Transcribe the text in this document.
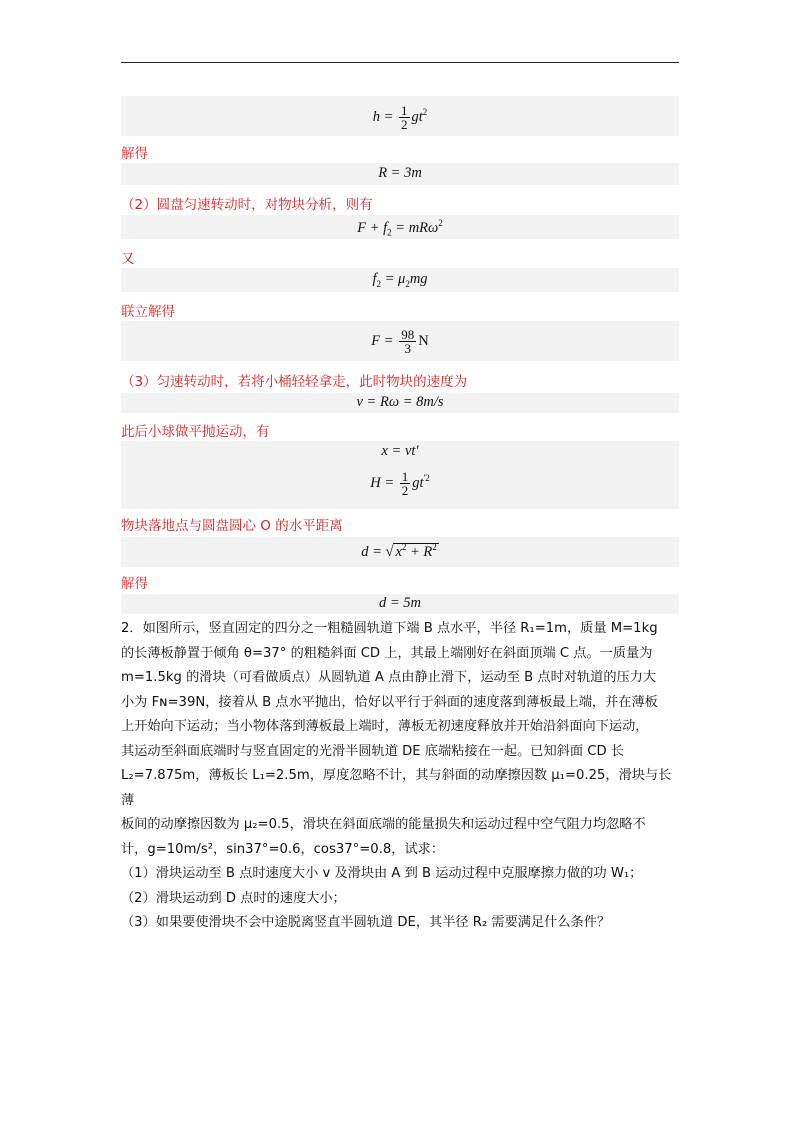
$h = \frac{1}{2} gt^2$
解得
R = 3m
（2）圆盘匀速转动时，对物块分析，则有
$F + f_2 = mR\omega^2$
又
$f_2 = \mu_2mg$
联立解得
$F = \frac{98}{3}$ N
（3）匀速转动时，若将小桶轻轻拿走，此时物块的速度为
v = Rω = 8m/s
此后小球做平抛运动，有
x = vt'
$H = \frac{1}{2} gt^{'2}$
物块落地点与圆盘圆心 O 的水平距离
d = √ $x^2 + R^2$
解得
d = 5m

2．如图所示，竖直固定的四分之一粗糙圆轨道下端 B 点水平，半径 R₁=1m，质量 M=1kg

的长薄板静置于倾角 θ=37° 的粗糙斜面 CD 上，其最上端刚好在斜面顶端 C 点。一质量为

m=1.5kg 的滑块（可看做质点）从圆轨道 A 点由静止滑下，运动至 B 点时对轨道的压力大

小为 Fɴ=39N，接着从 B 点水平抛出，恰好以平行于斜面的速度落到薄板最上端，并在薄板

上开始向下运动；当小物体落到薄板最上端时，薄板无初速度释放并开始沿斜面向下运动，

其运动至斜面底端时与竖直固定的光滑半圆轨道 DE 底端粘接在一起。已知斜面 CD 长

L₂=7.875m，薄板长 L₁=2.5m，厚度忽略不计，其与斜面的动摩擦因数 μ₁=0.25，滑块与长薄

板间的动摩擦因数为 μ₂=0.5，滑块在斜面底端的能量损失和运动过程中空气阻力均忽略不

计，g=10m/s²，sin37°=0.6，cos37°=0.8，试求：

（1）滑块运动至 B 点时速度大小 v 及滑块由 A 到 B 运动过程中克服摩擦力做的功 W₁；

（2）滑块运动到 D 点时的速度大小；

（3）如果要使滑块不会中途脱离竖直半圆轨道 DE，其半径 R₂ 需要满足什么条件？
